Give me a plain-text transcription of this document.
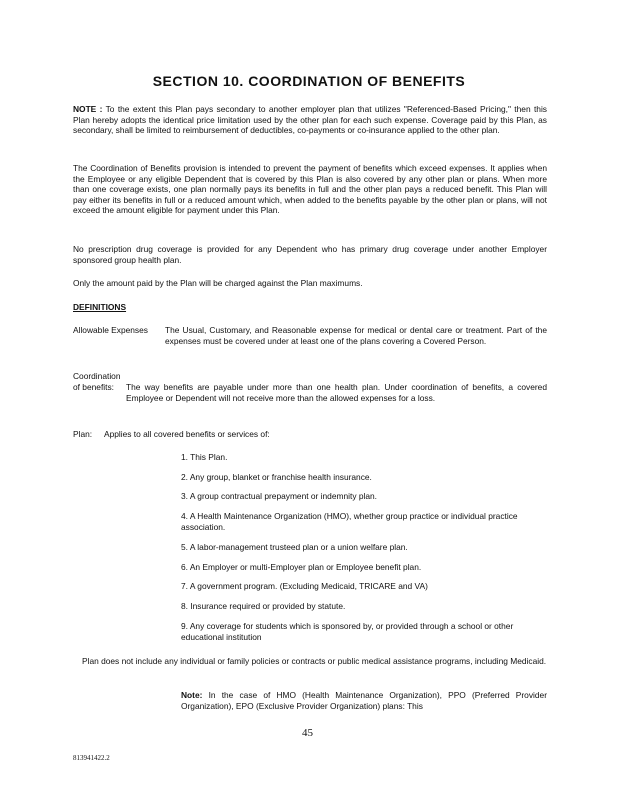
SECTION 10. COORDINATION OF BENEFITS
NOTE : To the extent this Plan pays secondary to another employer plan that utilizes "Referenced-Based Pricing," then this Plan hereby adopts the identical price limitation used by the other plan for each such expense. Coverage paid by this Plan, as secondary, shall be limited to reimbursement of deductibles, co-payments or co-insurance applied to the other plan.
The Coordination of Benefits provision is intended to prevent the payment of benefits which exceed expenses. It applies when the Employee or any eligible Dependent that is covered by this Plan is also covered by any other plan or plans. When more than one coverage exists, one plan normally pays its benefits in full and the other plan pays a reduced benefit. This Plan will pay either its benefits in full or a reduced amount which, when added to the benefits payable by the other plan or plans, will not exceed the amount eligible for payment under this Plan.
No prescription drug coverage is provided for any Dependent who has primary drug coverage under another Employer sponsored group health plan.
Only the amount paid by the Plan will be charged against the Plan maximums.
DEFINITIONS
Allowable Expenses	The Usual, Customary, and Reasonable expense for medical or dental care or treatment. Part of the expenses must be covered under at least one of the plans covering a Covered Person.
Coordination
of benefits:	The way benefits are payable under more than one health plan. Under coordination of benefits, a covered Employee or Dependent will not receive more than the allowed expenses for a loss.
Plan:	Applies to all covered benefits or services of:
1. This Plan.
2. Any group, blanket or franchise health insurance.
3. A group contractual prepayment or indemnity plan.
4. A Health Maintenance Organization (HMO), whether group practice or individual practice association.
5. A labor-management trusteed plan or a union welfare plan.
6. An Employer or multi-Employer plan or Employee benefit plan.
7. A government program. (Excluding Medicaid, TRICARE and VA)
8. Insurance required or provided by statute.
9. Any coverage for students which is sponsored by, or provided through a school or other educational institution
Plan does not include any individual or family policies or contracts or public medical assistance programs, including Medicaid.
Note: In the case of HMO (Health Maintenance Organization), PPO (Preferred Provider Organization), EPO (Exclusive Provider Organization) plans: This
45
813941422.2
